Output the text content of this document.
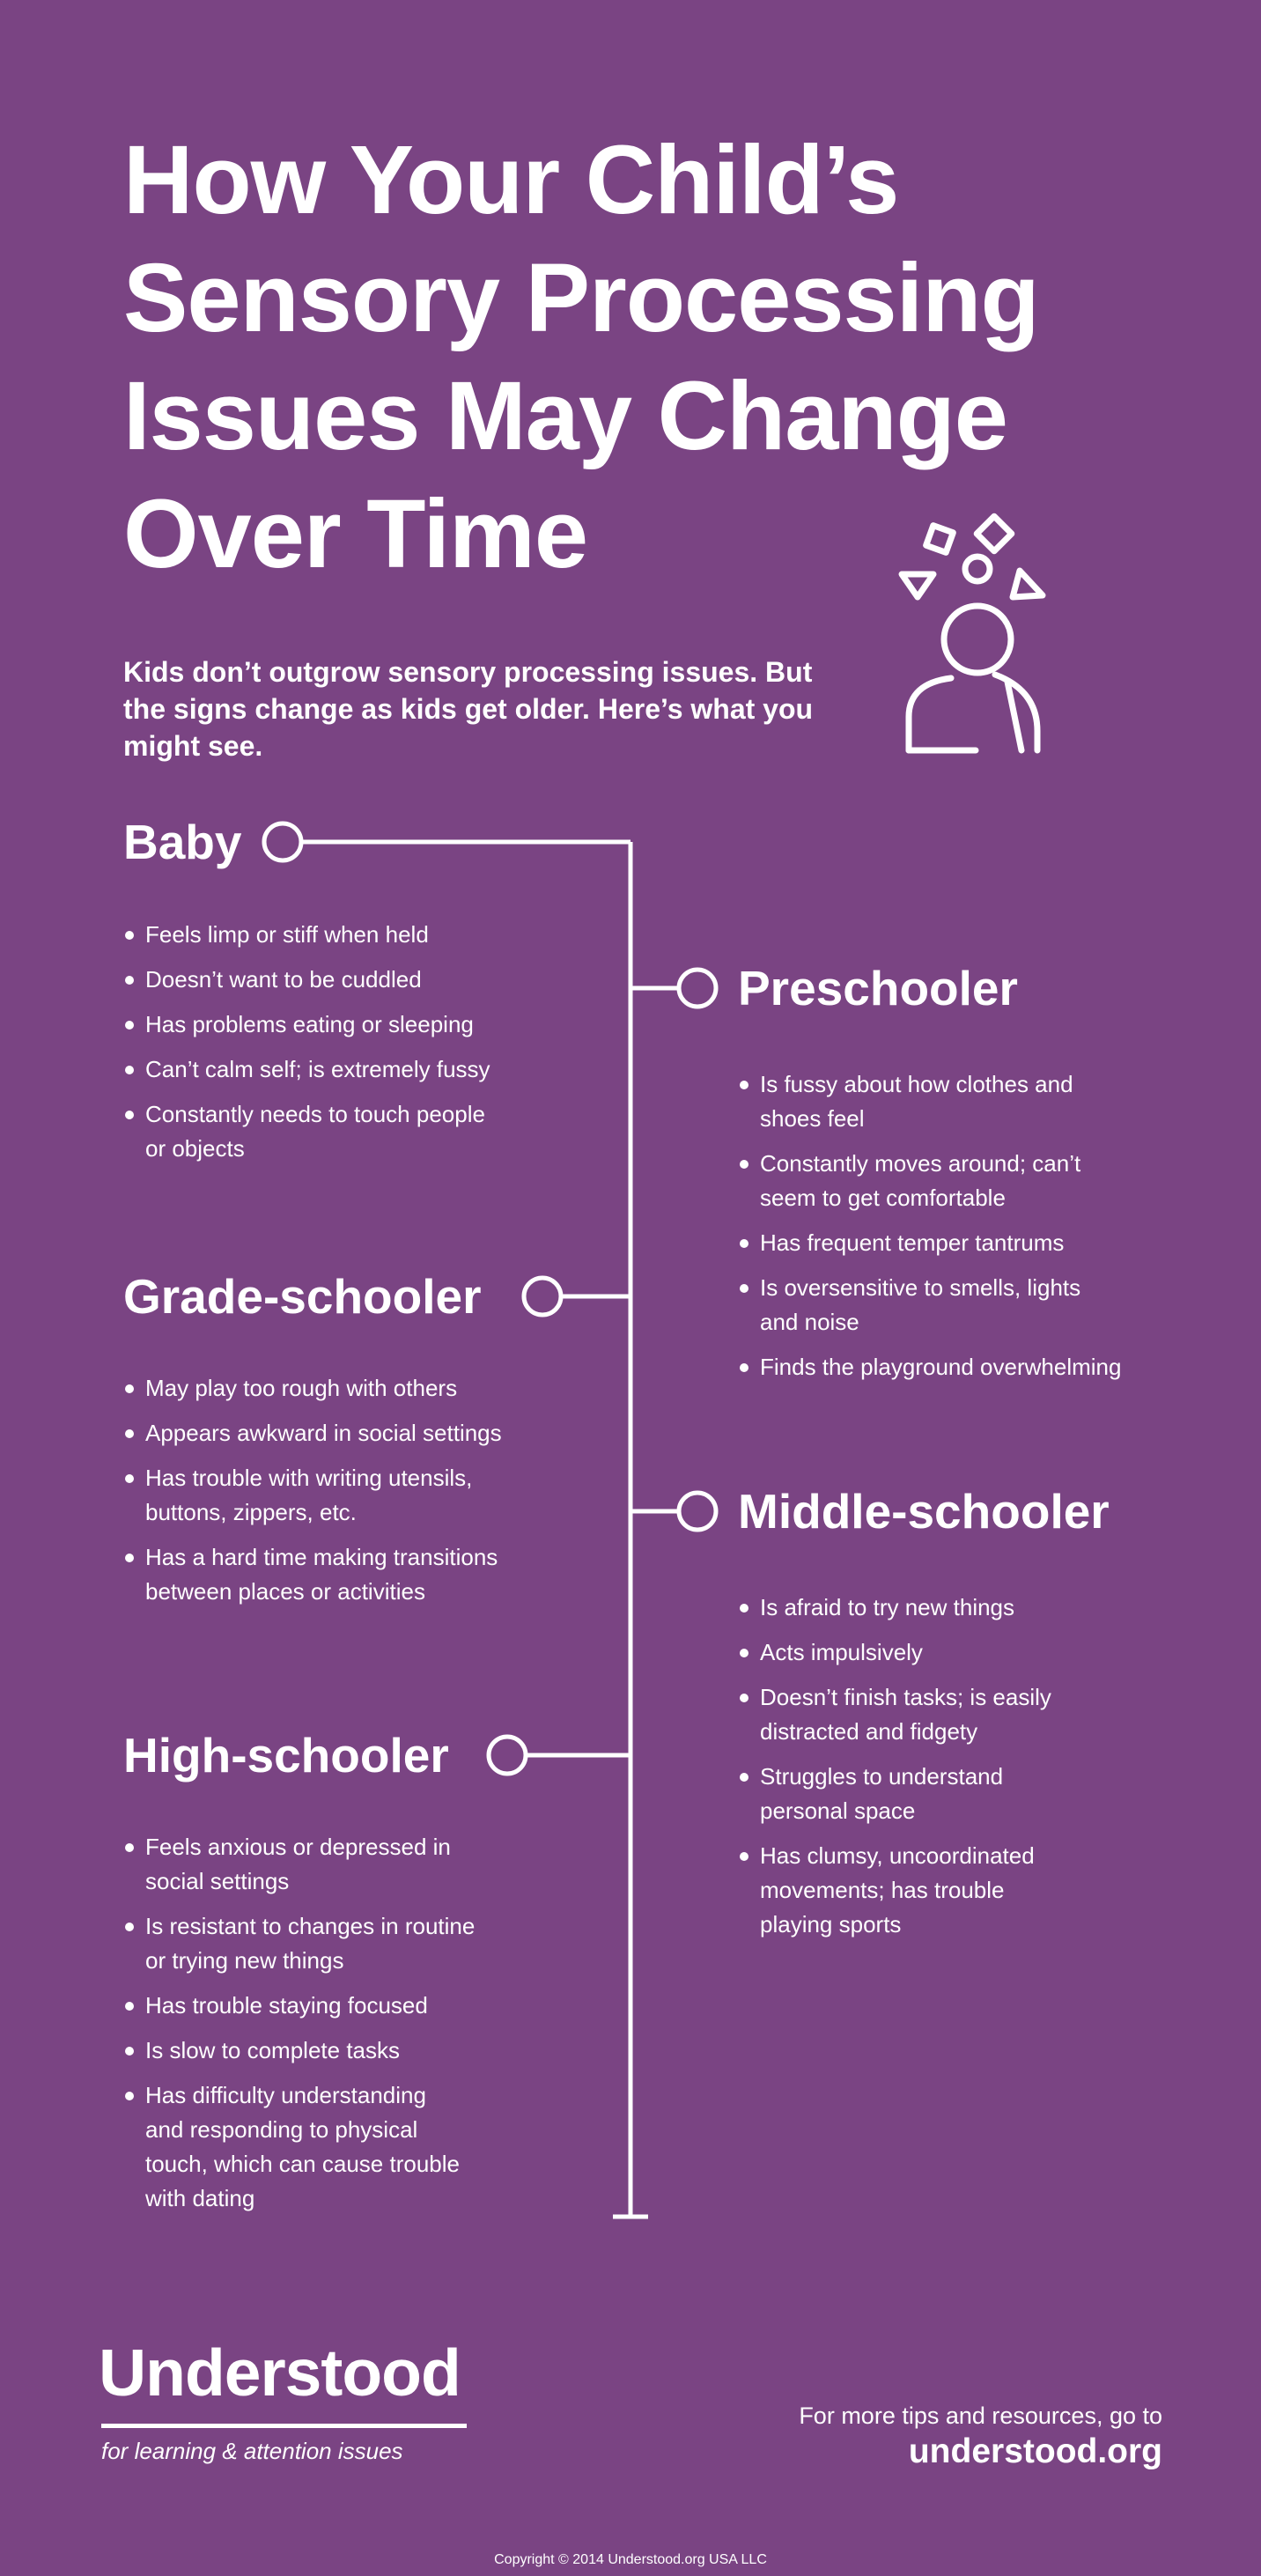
How Your Child’s
Sensory Processing
Issues May Change
Over Time

Kids don’t outgrow sensory processing issues. But
the signs change as kids get older. Here’s what you
might see.

Baby
Feels limp or stiff when held
Doesn’t want to be cuddled
Has problems eating or sleeping
Can’t calm self; is extremely fussy
Constantly needs to touch people
or objects
Preschooler
Is fussy about how clothes and
shoes feel
Constantly moves around; can’t
seem to get comfortable
Has frequent temper tantrums
Is oversensitive to smells, lights
and noise
Finds the playground overwhelming
Grade-schooler
May play too rough with others
Appears awkward in social settings
Has trouble with writing utensils,
buttons, zippers, etc.
Has a hard time making transitions
between places or activities
Middle-schooler
Is afraid to try new things
Acts impulsively
Doesn’t finish tasks; is easily
distracted and fidgety
Struggles to understand
personal space
Has clumsy, uncoordinated
movements; has trouble
playing sports
High-schooler
Feels anxious or depressed in
social settings
Is resistant to changes in routine
or trying new things
Has trouble staying focused
Is slow to complete tasks
Has difficulty understanding
and responding to physical
touch, which can cause trouble
with dating
Understood
for learning & attention issues
For more tips and resources, go to
understood.org
Copyright © 2014 Understood.org USA LLC
